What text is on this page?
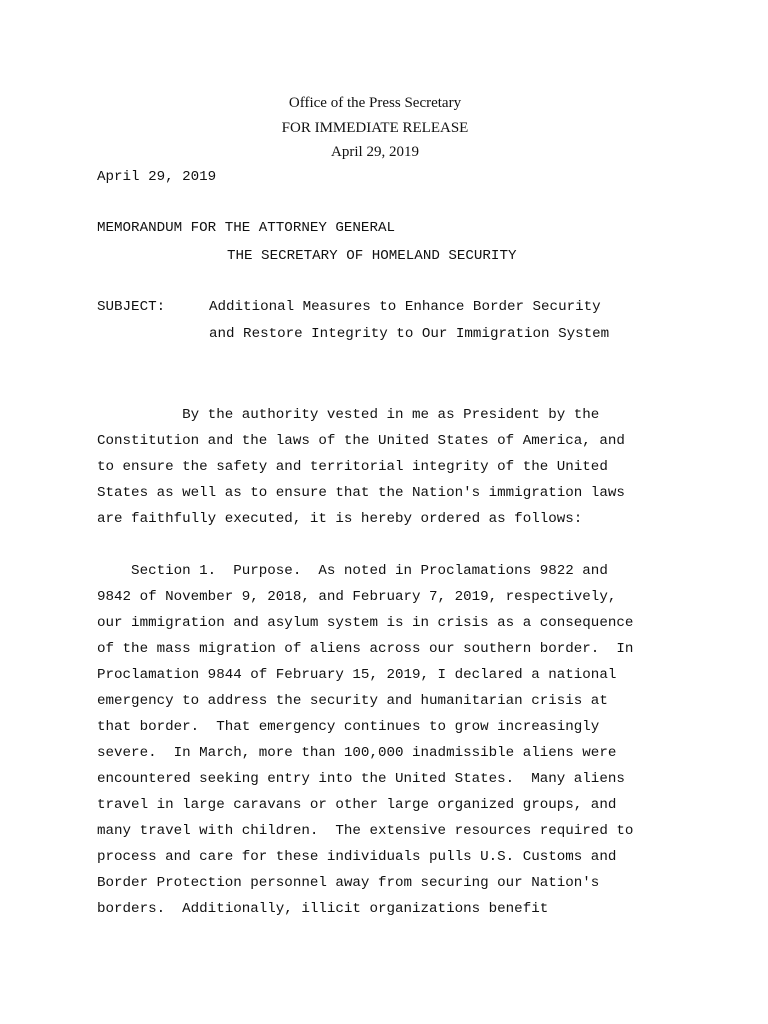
Office of the Press Secretary
FOR IMMEDIATE RELEASE
April 29, 2019
April 29, 2019
MEMORANDUM FOR THE ATTORNEY GENERAL
THE SECRETARY OF HOMELAND SECURITY
SUBJECT:	Additional Measures to Enhance Border Security
and Restore Integrity to Our Immigration System
By the authority vested in me as President by the
Constitution and the laws of the United States of America, and
to ensure the safety and territorial integrity of the United
States as well as to ensure that the Nation's immigration laws
are faithfully executed, it is hereby ordered as follows:
Section 1.  Purpose.  As noted in Proclamations 9822 and
9842 of November 9, 2018, and February 7, 2019, respectively,
our immigration and asylum system is in crisis as a consequence
of the mass migration of aliens across our southern border.  In
Proclamation 9844 of February 15, 2019, I declared a national
emergency to address the security and humanitarian crisis at
that border.  That emergency continues to grow increasingly
severe.  In March, more than 100,000 inadmissible aliens were
encountered seeking entry into the United States.  Many aliens
travel in large caravans or other large organized groups, and
many travel with children.  The extensive resources required to
process and care for these individuals pulls U.S. Customs and
Border Protection personnel away from securing our Nation's
borders.  Additionally, illicit organizations benefit
